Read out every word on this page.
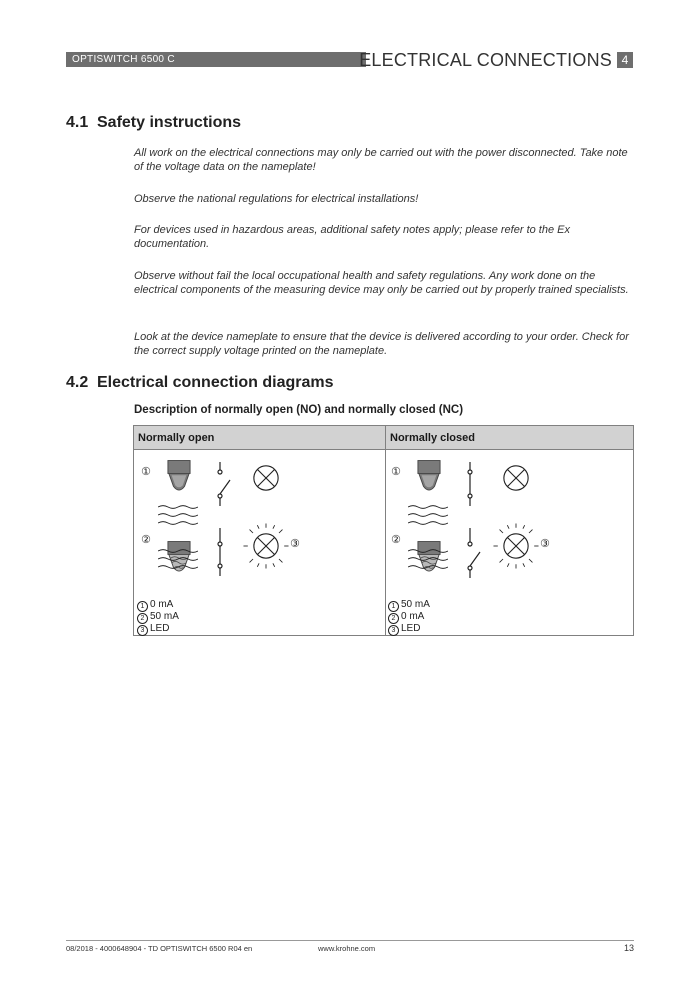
OPTISWITCH 6500 C	ELECTRICAL CONNECTIONS 4
4.1 Safety instructions

All work on the electrical connections may only be carried out with the power disconnected. Take note of the voltage data on the nameplate!

Observe the national regulations for electrical installations!

For devices used in hazardous areas, additional safety notes apply; please refer to the Ex documentation.

Observe without fail the local occupational health and safety regulations. Any work done on the electrical components of the measuring device may only be carried out by properly trained specialists.

Look at the device nameplate to ensure that the device is delivered according to your order. Check for the correct supply voltage printed on the nameplate.

4.2 Electrical connection diagrams
Description of normally open (NO) and normally closed (NC)
Normally open	Normally closed
①
②	③
①
②	③
1 0 mA
2 50 mA
3 LED
1 50 mA
2 0 mA
3 LED
08/2018 - 4000648904 - TD OPTISWITCH 6500 R04 en	www.krohne.com	13
